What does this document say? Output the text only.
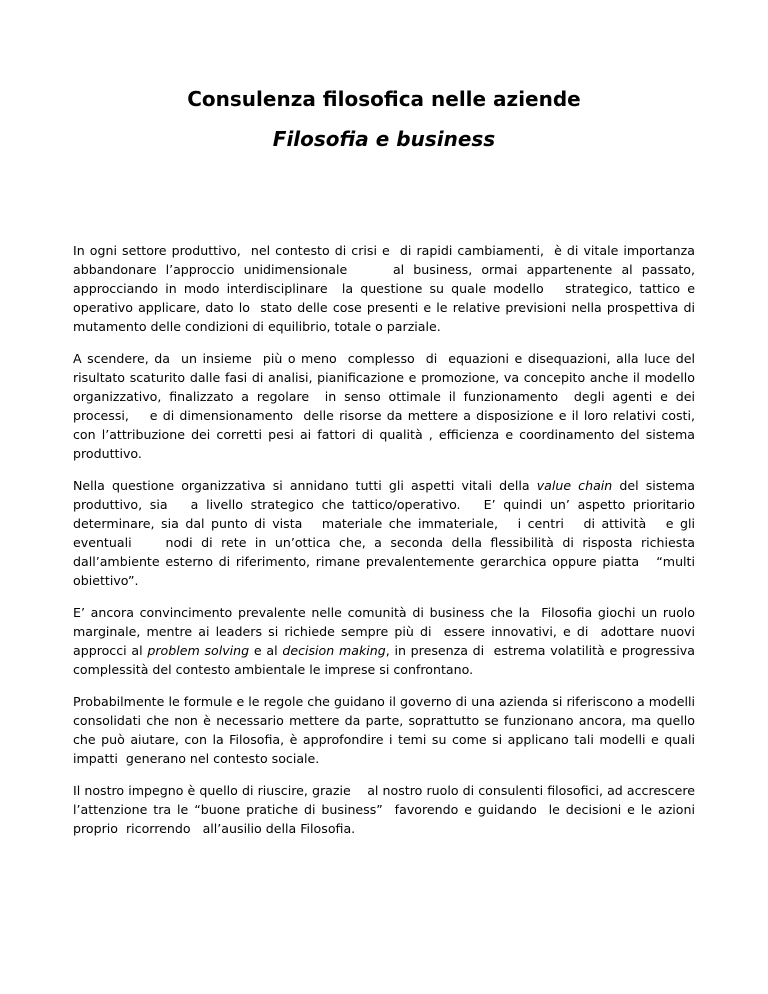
Consulenza filosofica nelle aziende
Filosofia e business

In ogni settore produttivo,  nel contesto di crisi e  di rapidi cambiamenti,  è di vitale importanza abbandonare l’approccio unidimensionale     al business, ormai appartenente al passato, approcciando in modo interdisciplinare  la questione su quale modello   strategico, tattico e operativo applicare, dato lo  stato delle cose presenti e le relative previsioni nella prospettiva di mutamento delle condizioni di equilibrio, totale o parziale.

A scendere, da  un insieme  più o meno  complesso  di  equazioni e disequazioni, alla luce del risultato scaturito dalle fasi di analisi, pianificazione e promozione, va concepito anche il modello organizzativo, finalizzato a regolare  in senso ottimale il funzionamento  degli agenti e dei processi,    e di dimensionamento  delle risorse da mettere a disposizione e il loro relativi costi, con l’attribuzione dei corretti pesi ai fattori di qualità , efficienza e coordinamento del sistema produttivo.

Nella questione organizzativa si annidano tutti gli aspetti vitali della value chain del sistema produttivo, sia   a livello strategico che tattico/operativo.   E’ quindi un’ aspetto prioritario determinare, sia dal punto di vista   materiale che immateriale,   i centri   di attività   e gli eventuali    nodi di rete in un’ottica che, a seconda della flessibilità di risposta richiesta dall’ambiente esterno di riferimento, rimane prevalentemente gerarchica oppure piatta   “multi obiettivo”.

E’ ancora convincimento prevalente nelle comunità di business che la  Filosofia giochi un ruolo marginale, mentre ai leaders si richiede sempre più di  essere innovativi, e di  adottare nuovi approcci al problem solving e al decision making, in presenza di  estrema volatilità e progressiva complessità del contesto ambientale le imprese si confrontano.

Probabilmente le formule e le regole che guidano il governo di una azienda si riferiscono a modelli  consolidati che non è necessario mettere da parte, soprattutto se funzionano ancora, ma quello che può aiutare, con la Filosofia, è approfondire i temi su come si applicano tali modelli e quali impatti  generano nel contesto sociale.

Il nostro impegno è quello di riuscire, grazie    al nostro ruolo di consulenti filosofici, ad accrescere l’attenzione tra le “buone pratiche di business”  favorendo e guidando  le decisioni e le azioni proprio  ricorrendo   all’ausilio della Filosofia.
